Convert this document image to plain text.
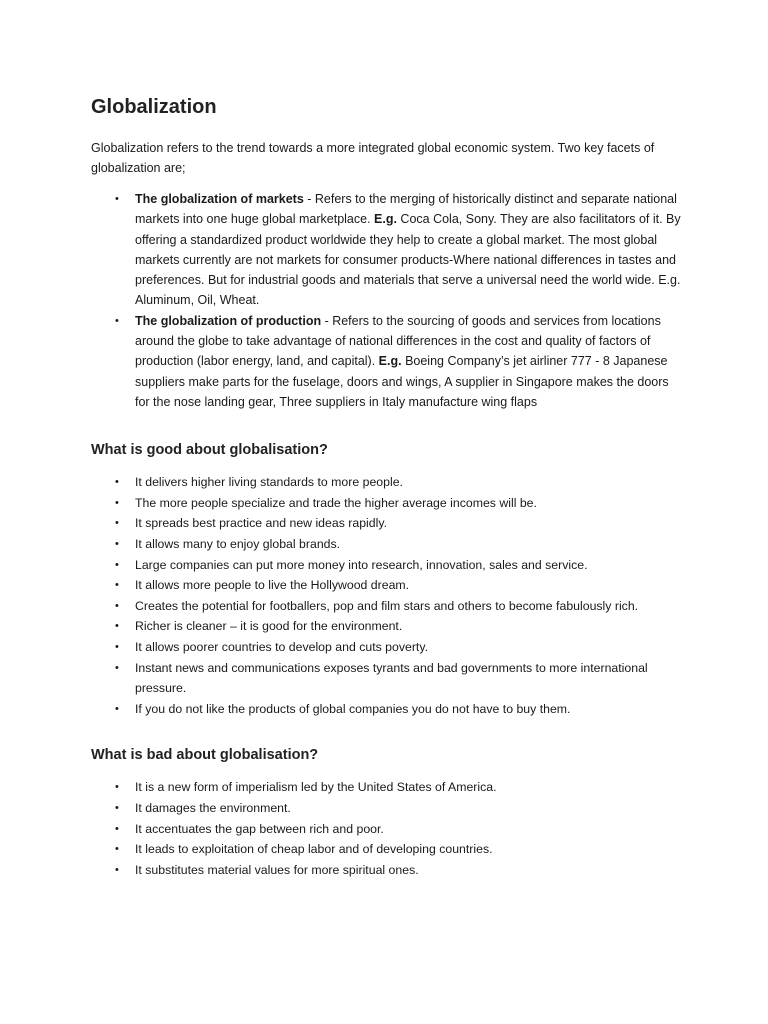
Globalization

Globalization refers to the trend towards a more integrated global economic system. Two key facets of globalization are;

•	The globalization of markets - Refers to the merging of historically distinct and separate national markets into one huge global marketplace. E.g. Coca Cola, Sony. They are also facilitators of it. By offering a standardized product worldwide they help to create a global market. The most global markets currently are not markets for consumer products-Where national differences in tastes and preferences. But for industrial goods and materials that serve a universal need the world wide. E.g. Aluminum, Oil, Wheat.
•	The globalization of production - Refers to the sourcing of goods and services from locations around the globe to take advantage of national differences in the cost and quality of factors of production (labor energy, land, and capital). E.g. Boeing Company’s jet airliner 777 - 8 Japanese suppliers make parts for the fuselage, doors and wings, A supplier in Singapore makes the doors for the nose landing gear, Three suppliers in Italy manufacture wing flaps
What is good about globalisation?
•	It delivers higher living standards to more people.
•	The more people specialize and trade the higher average incomes will be.
•	It spreads best practice and new ideas rapidly.
•	It allows many to enjoy global brands.
•	Large companies can put more money into research, innovation, sales and service.
•	It allows more people to live the Hollywood dream.
•	Creates the potential for footballers, pop and film stars and others to become fabulously rich.
•	Richer is cleaner – it is good for the environment.
•	It allows poorer countries to develop and cuts poverty.
•	Instant news and communications exposes tyrants and bad governments to more international pressure.
•	If you do not like the products of global companies you do not have to buy them.
What is bad about globalisation?
•	It is a new form of imperialism led by the United States of America.
•	It damages the environment.
•	It accentuates the gap between rich and poor.
•	It leads to exploitation of cheap labor and of developing countries.
•	It substitutes material values for more spiritual ones.
